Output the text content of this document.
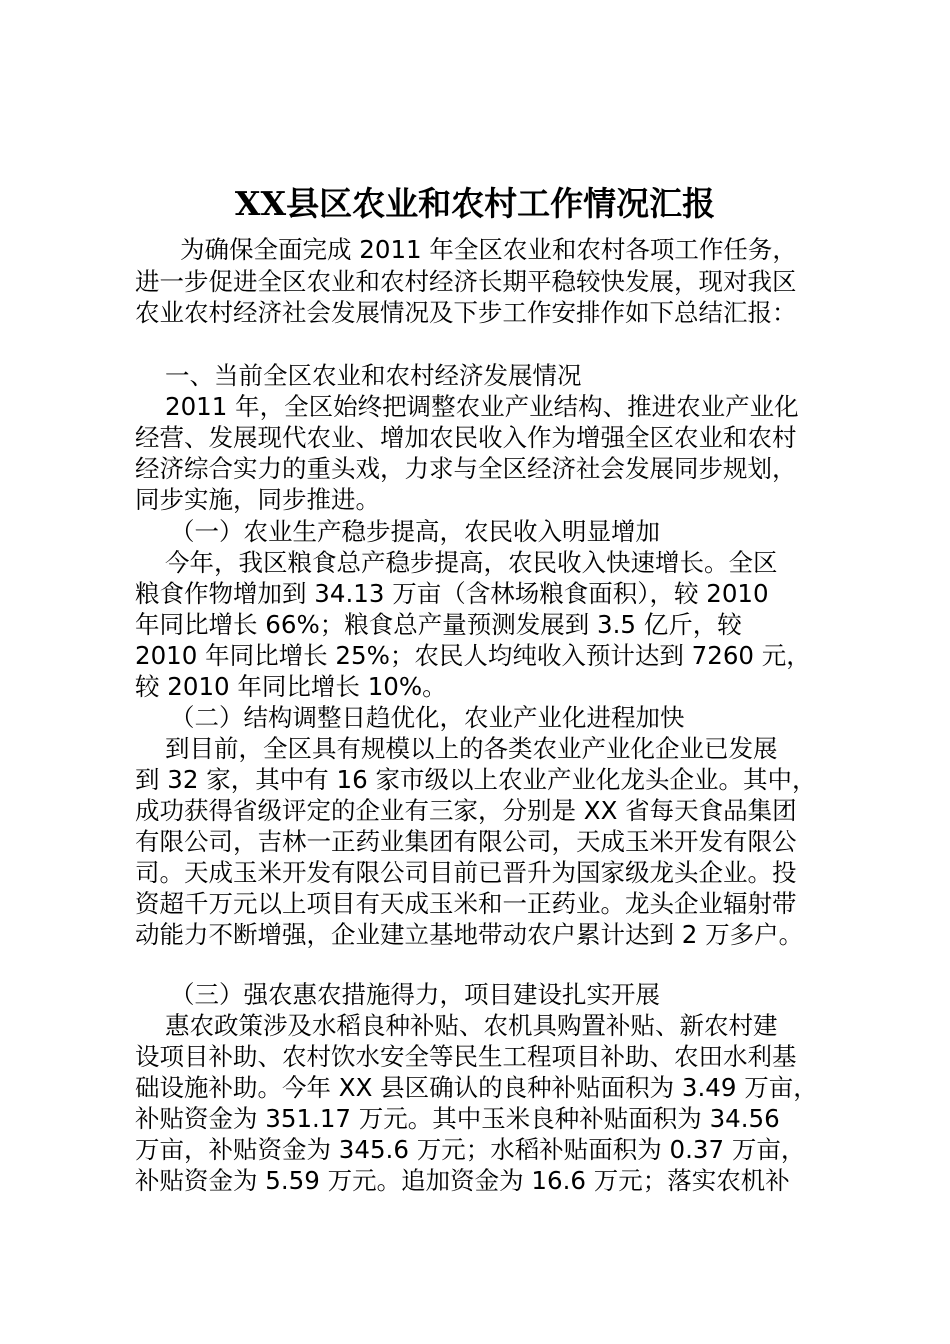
XX县区农业和农村工作情况汇报
为确保全面完成 2011 年全区农业和农村各项工作任务，
进一步促进全区农业和农村经济长期平稳较快发展，现对我区
农业农村经济社会发展情况及下步工作安排作如下总结汇报：
一、当前全区农业和农村经济发展情况
2011 年，全区始终把调整农业产业结构、推进农业产业化
经营、发展现代农业、增加农民收入作为增强全区农业和农村
经济综合实力的重头戏，力求与全区经济社会发展同步规划，
同步实施，同步推进。
（一）农业生产稳步提高，农民收入明显增加
今年，我区粮食总产稳步提高，农民收入快速增长。全区
粮食作物增加到 34.13 万亩（含林场粮食面积），较 2010
年同比增长 66%；粮食总产量预测发展到 3.5 亿斤，较
2010 年同比增长 25%；农民人均纯收入预计达到 7260 元，
较 2010 年同比增长 10%。
（二）结构调整日趋优化，农业产业化进程加快
到目前，全区具有规模以上的各类农业产业化企业已发展
到 32 家，其中有 16 家市级以上农业产业化龙头企业。其中，
成功获得省级评定的企业有三家，分别是 XX 省每天食品集团
有限公司，吉林一正药业集团有限公司，天成玉米开发有限公
司。天成玉米开发有限公司目前已晋升为国家级龙头企业。投
资超千万元以上项目有天成玉米和一正药业。龙头企业辐射带
动能力不断增强，企业建立基地带动农户累计达到 2 万多户。
（三）强农惠农措施得力，项目建设扎实开展
惠农政策涉及水稻良种补贴、农机具购置补贴、新农村建
设项目补助、农村饮水安全等民生工程项目补助、农田水利基
础设施补助。今年 XX 县区确认的良种补贴面积为 3.49 万亩，
补贴资金为 351.17 万元。其中玉米良种补贴面积为 34.56
万亩，补贴资金为 345.6 万元；水稻补贴面积为 0.37 万亩，
补贴资金为 5.59 万元。追加资金为 16.6 万元；落实农机补
